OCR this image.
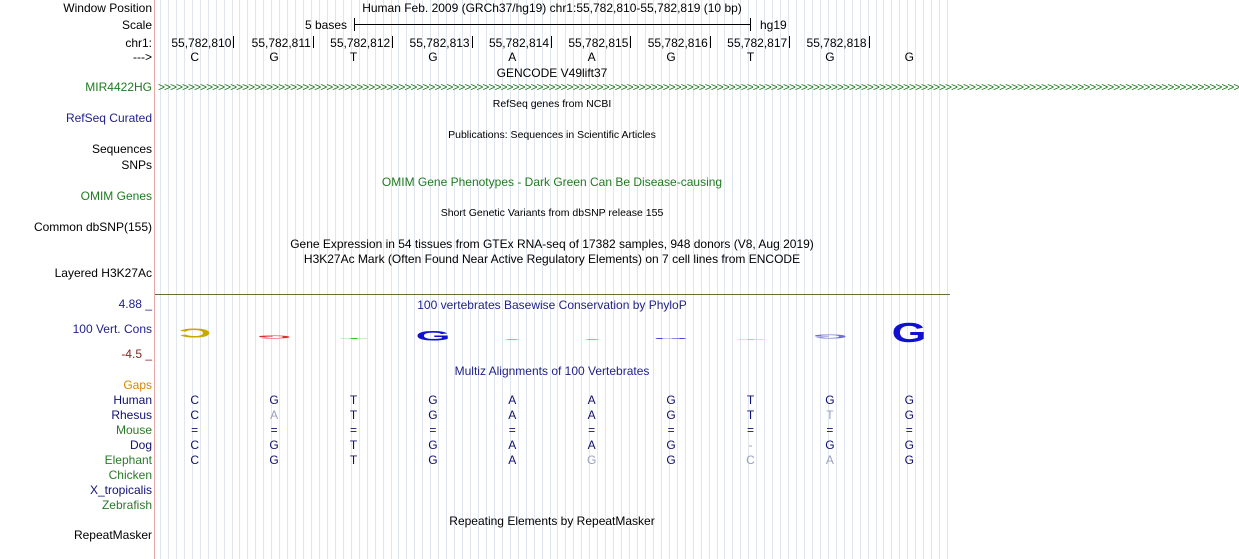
Window Position	Human Feb. 2009 (GRCh37/hg19) chr1:55,782,810-55,782,819 (10 bp)
Scale	5 bases	hg19
chr1: 55,782,810 55,782,811 55,782,812 55,782,813 55,782,814 55,782,815 55,782,816 55,782,817 55,782,818
--->	C	G	T	G	A	A	G	T	G	G
GENCODE V49lift37
MIR4422HG >>>>>>>>>>>>>>>>>>>>>>>>>>>>>>>>>>>>>>>>>>>>>>>>>>>>>>>>>>>>>>>>>>>>>>>>>>>>>>>>>>>>>>>>>>>>>>>>>>>>>>>>>>>>>>>>>>>>>>>>>>>>>>>>>>>>>>>>>>>>>>>>>>>>>>>>>>>>>>>>>>>>>>>>>>>>>>>>>>>>
RefSeq genes from NCBI
RefSeq Curated
Publications: Sequences in Scientific Articles
Sequences
SNPs
OMIM Gene Phenotypes - Dark Green Can Be Disease-causing
OMIM Genes
Short Genetic Variants from dbSNP release 155
Common dbSNP(155)
Gene Expression in 54 tissues from GTEx RNA-seq of 17382 samples, 948 donors (V8, Aug 2019)
H3K27Ac Mark (Often Found Near Active Regulatory Elements) on 7 cell lines from ENCODE
Layered H3K27Ac
4.88 _	100 vertebrates Basewise Conservation by PhyloP
100 Vert. Cons
-4.5 _
C	G	T	G	G	G	G
Multiz Alignments of 100 Vertebrates
Gaps
Human	C	G	T	G	A	A	G	T	G	G
Rhesus	C	A	T	G	A	A	G	T	T	G
Mouse	=	=	=	=	=	=	=	=	=	=
Dog	C	G	T	G	A	A	G	-	G	G
Elephant	C	G	T	G	A	G	G	C	A	G
Chicken
X_tropicalis
Zebrafish
Repeating Elements by RepeatMasker
RepeatMasker
